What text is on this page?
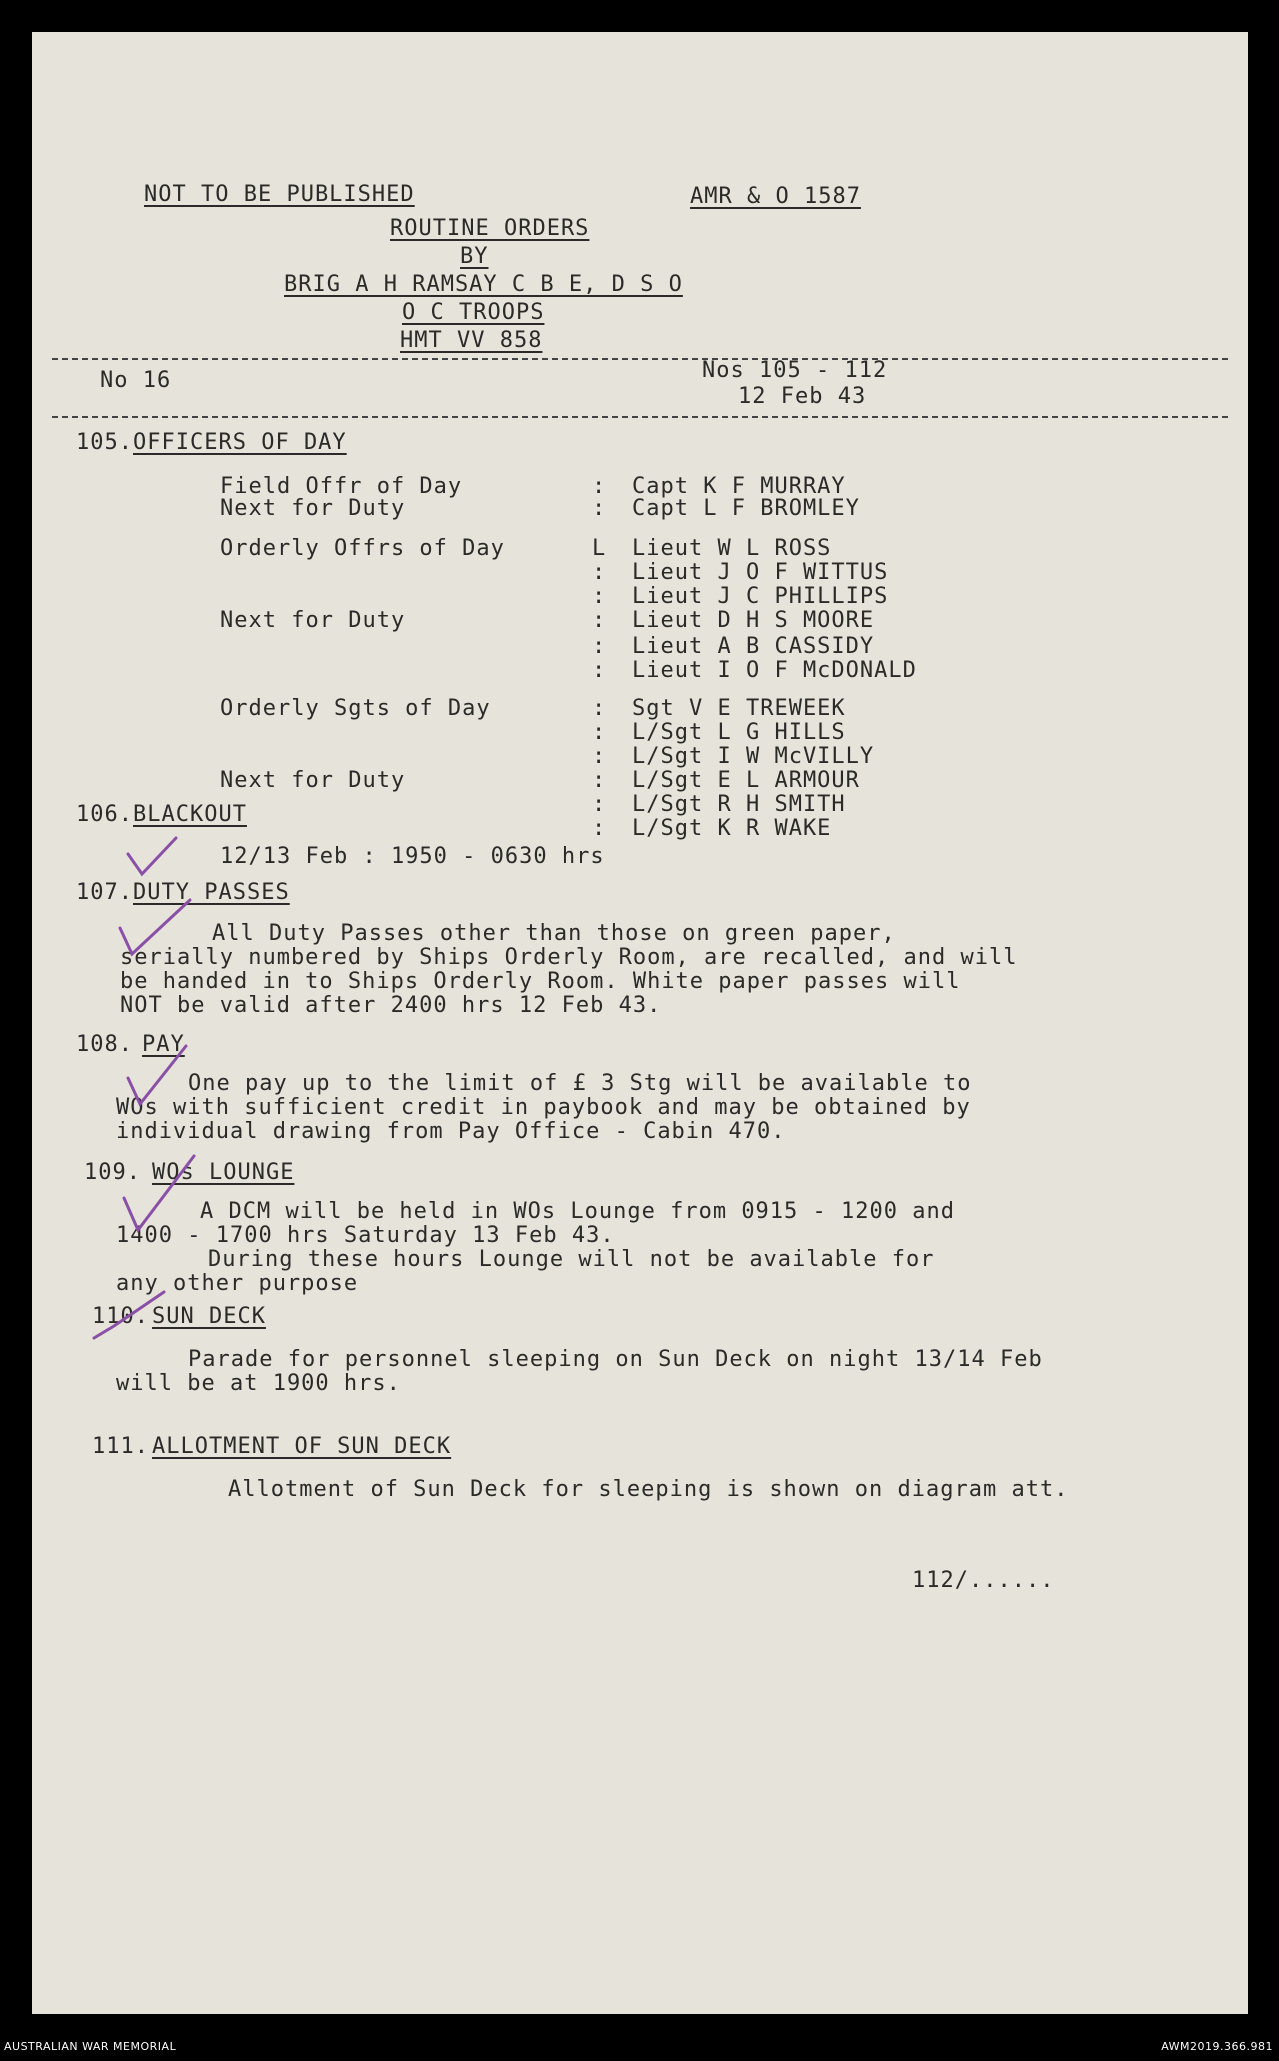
NOT TO BE PUBLISHED	AMR & O 1587
ROUTINE ORDERS
BY
BRIG A H RAMSAY C B E, D S O
O C TROOPS
HMT VV 858
No 16	Nos 105 - 112
12 Feb 43
105. OFFICERS OF DAY
Field Offr of Day	: Capt K F MURRAY
Next for Duty	: Capt L F BROMLEY
Orderly Offrs of Day	L Lieut W L ROSS
: Lieut J O F WITTUS
: Lieut J C PHILLIPS
Next for Duty	: Lieut D H S MOORE
: Lieut A B CASSIDY
: Lieut I O F McDONALD
Orderly Sgts of Day	: Sgt V E TREWEEK
: L/Sgt L G HILLS
: L/Sgt I W McVILLY
Next for Duty	: L/Sgt E L ARMOUR
: L/Sgt R H SMITH
: L/Sgt K R WAKE
106. BLACKOUT
12/13 Feb : 1950 - 0630 hrs
107. DUTY PASSES
All Duty Passes other than those on green paper,
serially numbered by Ships Orderly Room, are recalled, and will
be handed in to Ships Orderly Room. White paper passes will
NOT be valid after 2400 hrs 12 Feb 43.
108. PAY
One pay up to the limit of £ 3 Stg will be available to
WOs with sufficient credit in paybook and may be obtained by
individual drawing from Pay Office - Cabin 470.
109. WOs LOUNGE
A DCM will be held in WOs Lounge from 0915 - 1200 and
1400 - 1700 hrs Saturday 13 Feb 43.
During these hours Lounge will not be available for
any other purpose
110. SUN DECK
Parade for personnel sleeping on Sun Deck on night 13/14 Feb
will be at 1900 hrs.
111. ALLOTMENT OF SUN DECK
Allotment of Sun Deck for sleeping is shown on diagram att.
112/......
AUSTRALIAN WAR MEMORIAL	AWM2019.366.981
